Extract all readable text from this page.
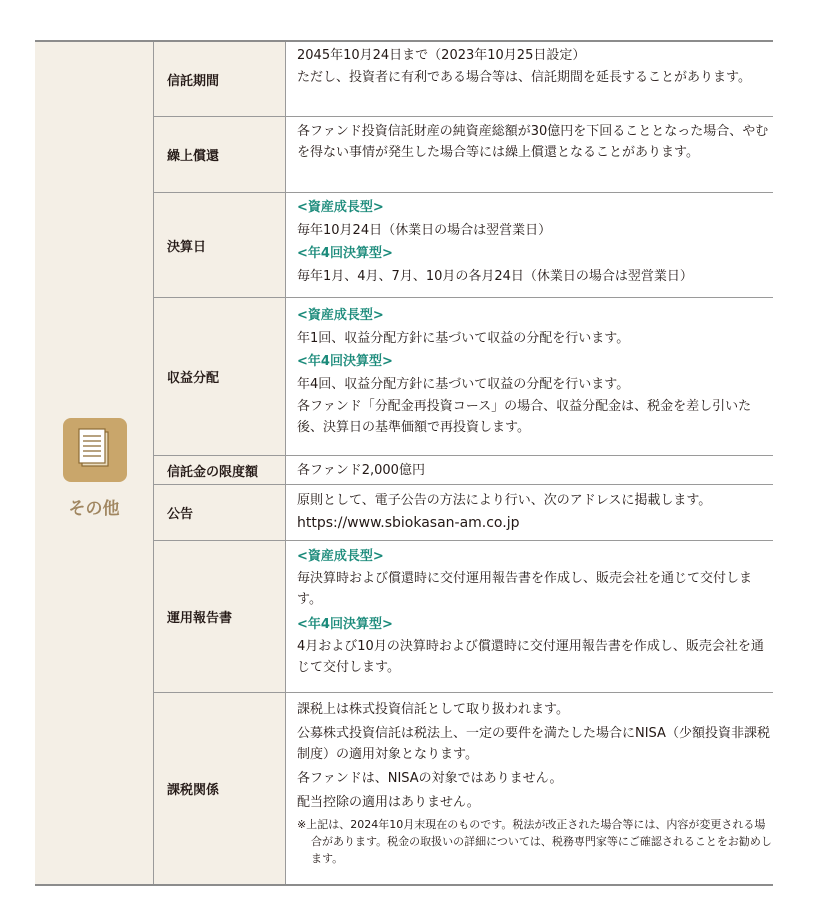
その他
信託期間

2045年10月24日まで（2023年10月25日設定）

ただし、投資者に有利である場合等は、信託期間を延長することがあります。

繰上償還

各ファンド投資信託財産の純資産総額が30億円を下回ることとなった場合、やむを得ない事情が発生した場合等には繰上償還となることがあります。

決算日

<資産成長型>

毎年10月24日（休業日の場合は翌営業日）

<年4回決算型>

毎年1月、4月、7月、10月の各月24日（休業日の場合は翌営業日）

収益分配

<資産成長型>

年1回、収益分配方針に基づいて収益の分配を行います。

<年4回決算型>

年4回、収益分配方針に基づいて収益の分配を行います。

各ファンド「分配金再投資コース」の場合、収益分配金は、税金を差し引いた後、決算日の基準価額で再投資します。

信託金の限度額	各ファンド2,000億円

公告

原則として、電子公告の方法により行い、次のアドレスに掲載します。

https://www.sbiokasan-am.co.jp

運用報告書

<資産成長型>

毎決算時および償還時に交付運用報告書を作成し、販売会社を通じて交付します。

<年4回決算型>

4月および10月の決算時および償還時に交付運用報告書を作成し、販売会社を通じて交付します。

課税関係

課税上は株式投資信託として取り扱われます。

公募株式投資信託は税法上、一定の要件を満たした場合にNISA（少額投資非課税制度）の適用対象となります。

各ファンドは、NISAの対象ではありません。

配当控除の適用はありません。

※上記は、2024年10月末現在のものです。税法が改正された場合等には、内容が変更される場合があります。税金の取扱いの詳細については、税務専門家等にご確認されることをお勧めします。
